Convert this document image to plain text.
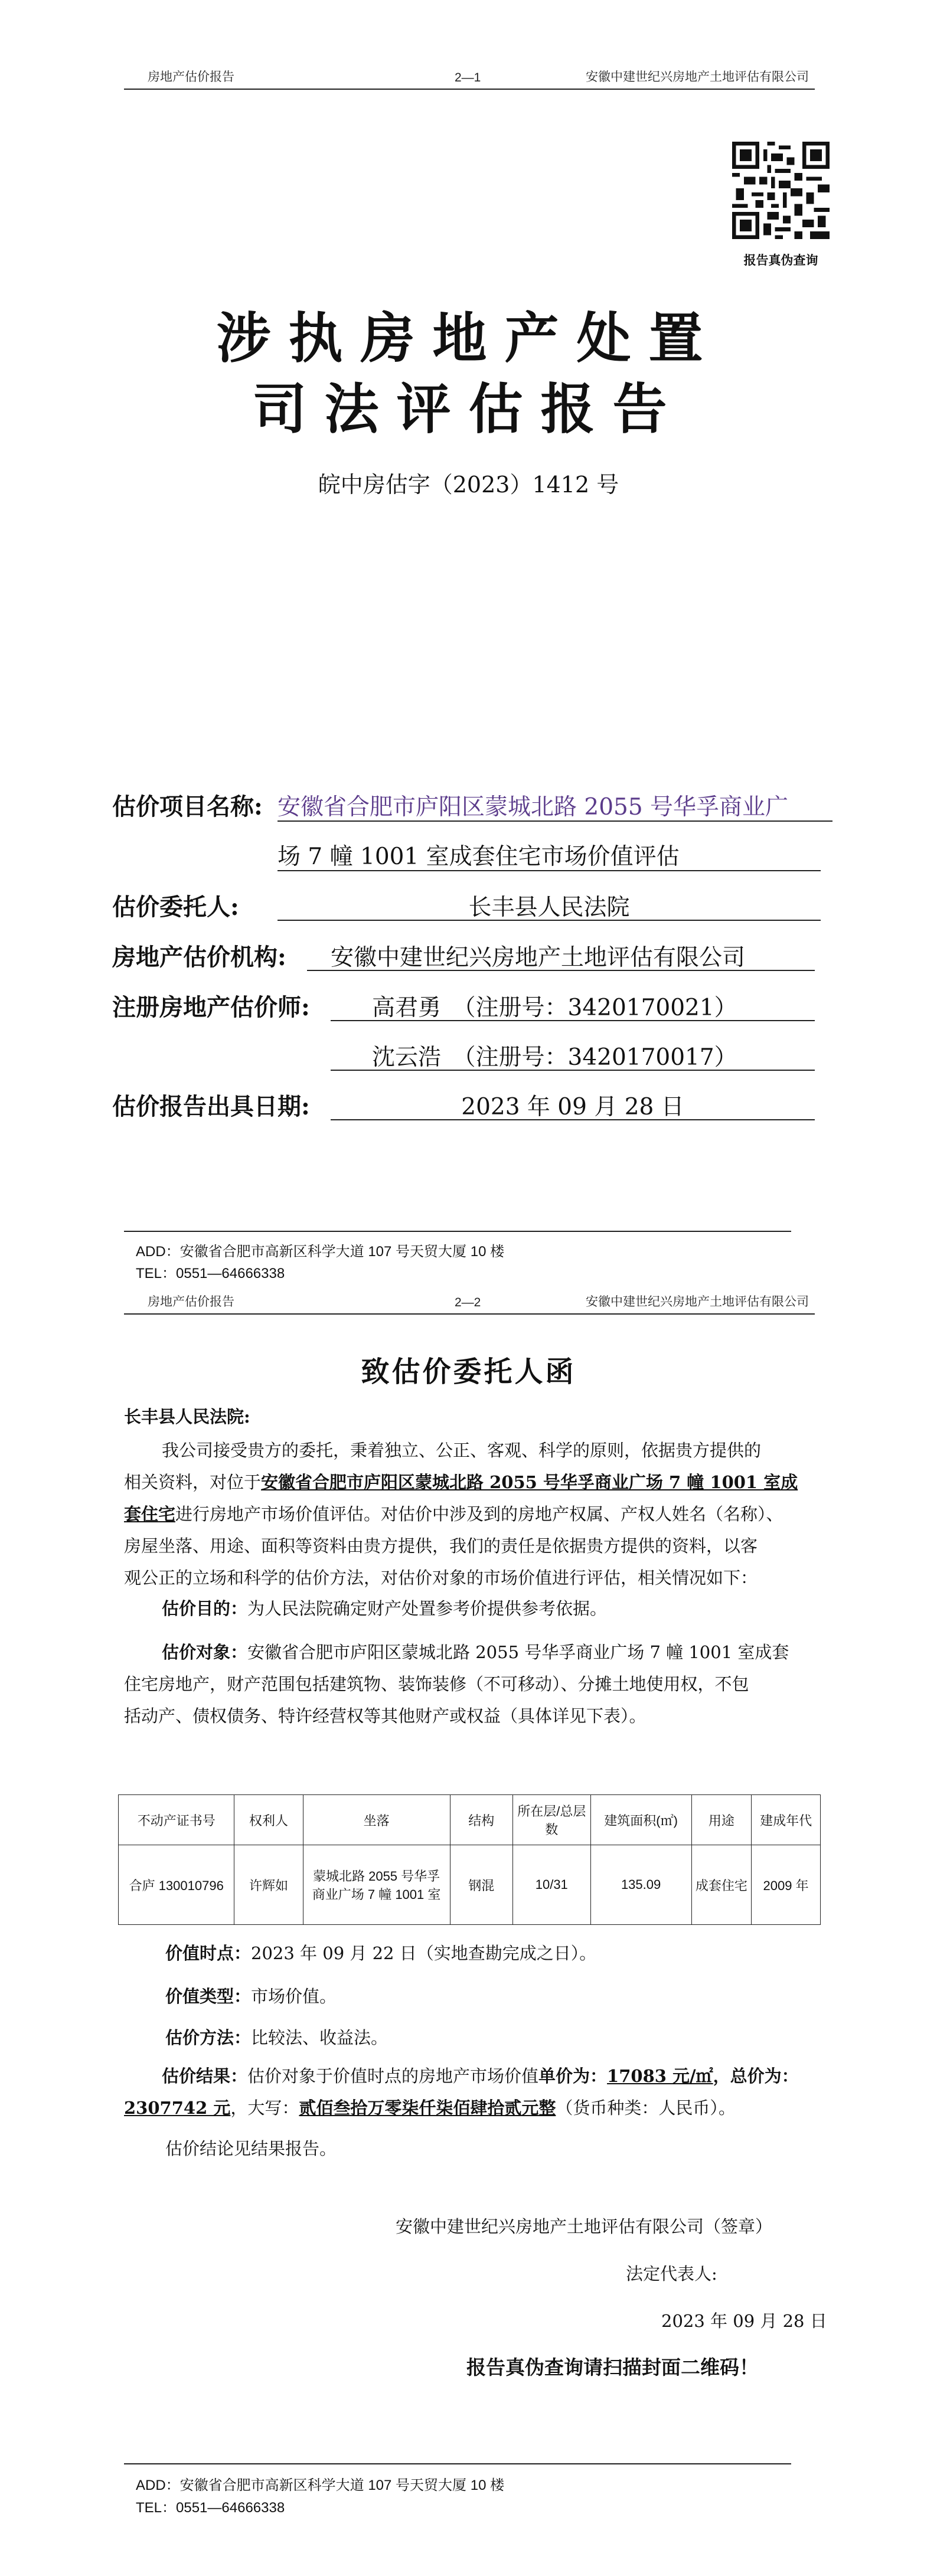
房地产估价报告	2—1	安徽中建世纪兴房地产土地评估有限公司
报告真伪查询
涉执房地产处置
司法评估报告
皖中房估字（2023）1412 号
估价项目名称: 安徽省合肥市庐阳区蒙城北路 2055 号华孚商业广
场 7 幢 1001 室成套住宅市场价值评估
估价委托人:	长丰县人民法院
房地产估价机构: 安徽中建世纪兴房地产土地评估有限公司
注册房地产估价师:	高君勇　（注册号：3420170021）
沈云浩　（注册号：3420170017）
估价报告出具日期:	2023 年 09 月 28 日
ADD：安徽省合肥市高新区科学大道 107 号天贸大厦 10 楼
TEL：0551—64666338
房地产估价报告	2—2	安徽中建世纪兴房地产土地评估有限公司
致估价委托人函
长丰县人民法院:
我公司接受贵方的委托，秉着独立、公正、客观、科学的原则，依据贵方提供的
相关资料，对位于安徽省合肥市庐阳区蒙城北路 2055 号华孚商业广场 7 幢 1001 室成
套住宅进行房地产市场价值评估。对估价中涉及到的房地产权属、产权人姓名（名称）、
房屋坐落、用途、面积等资料由贵方提供，我们的责任是依据贵方提供的资料，以客
观公正的立场和科学的估价方法，对估价对象的市场价值进行评估，相关情况如下：
估价目的：为人民法院确定财产处置参考价提供参考依据。
估价对象：安徽省合肥市庐阳区蒙城北路 2055 号华孚商业广场 7 幢 1001 室成套
住宅房地产，财产范围包括建筑物、装饰装修（不可移动）、分摊土地使用权，不包
括动产、债权债务、特许经营权等其他财产或权益（具体详见下表）。
不动产证书号	权利人	坐落	结构	所在层/总层数	建筑面积(㎡)	用途	建成年代
合庐 130010796	许辉如	蒙城北路 2055 号华孚商业广场 7 幢 1001 室	钢混	10/31	135.09	成套住宅	2009 年
价值时点：2023 年 09 月 22 日（实地查勘完成之日）。
价值类型：市场价值。
估价方法：比较法、收益法。
估价结果：估价对象于价值时点的房地产市场价值单价为：17083 元/㎡，总价为：
2307742 元，大写：贰佰叁拾万零柒仟柒佰肆拾贰元整（货币种类：人民币）。
估价结论见结果报告。
安徽中建世纪兴房地产土地评估有限公司（签章）
法定代表人:
2023 年 09 月 28 日
报告真伪查询请扫描封面二维码！
ADD：安徽省合肥市高新区科学大道 107 号天贸大厦 10 楼
TEL：0551—64666338
